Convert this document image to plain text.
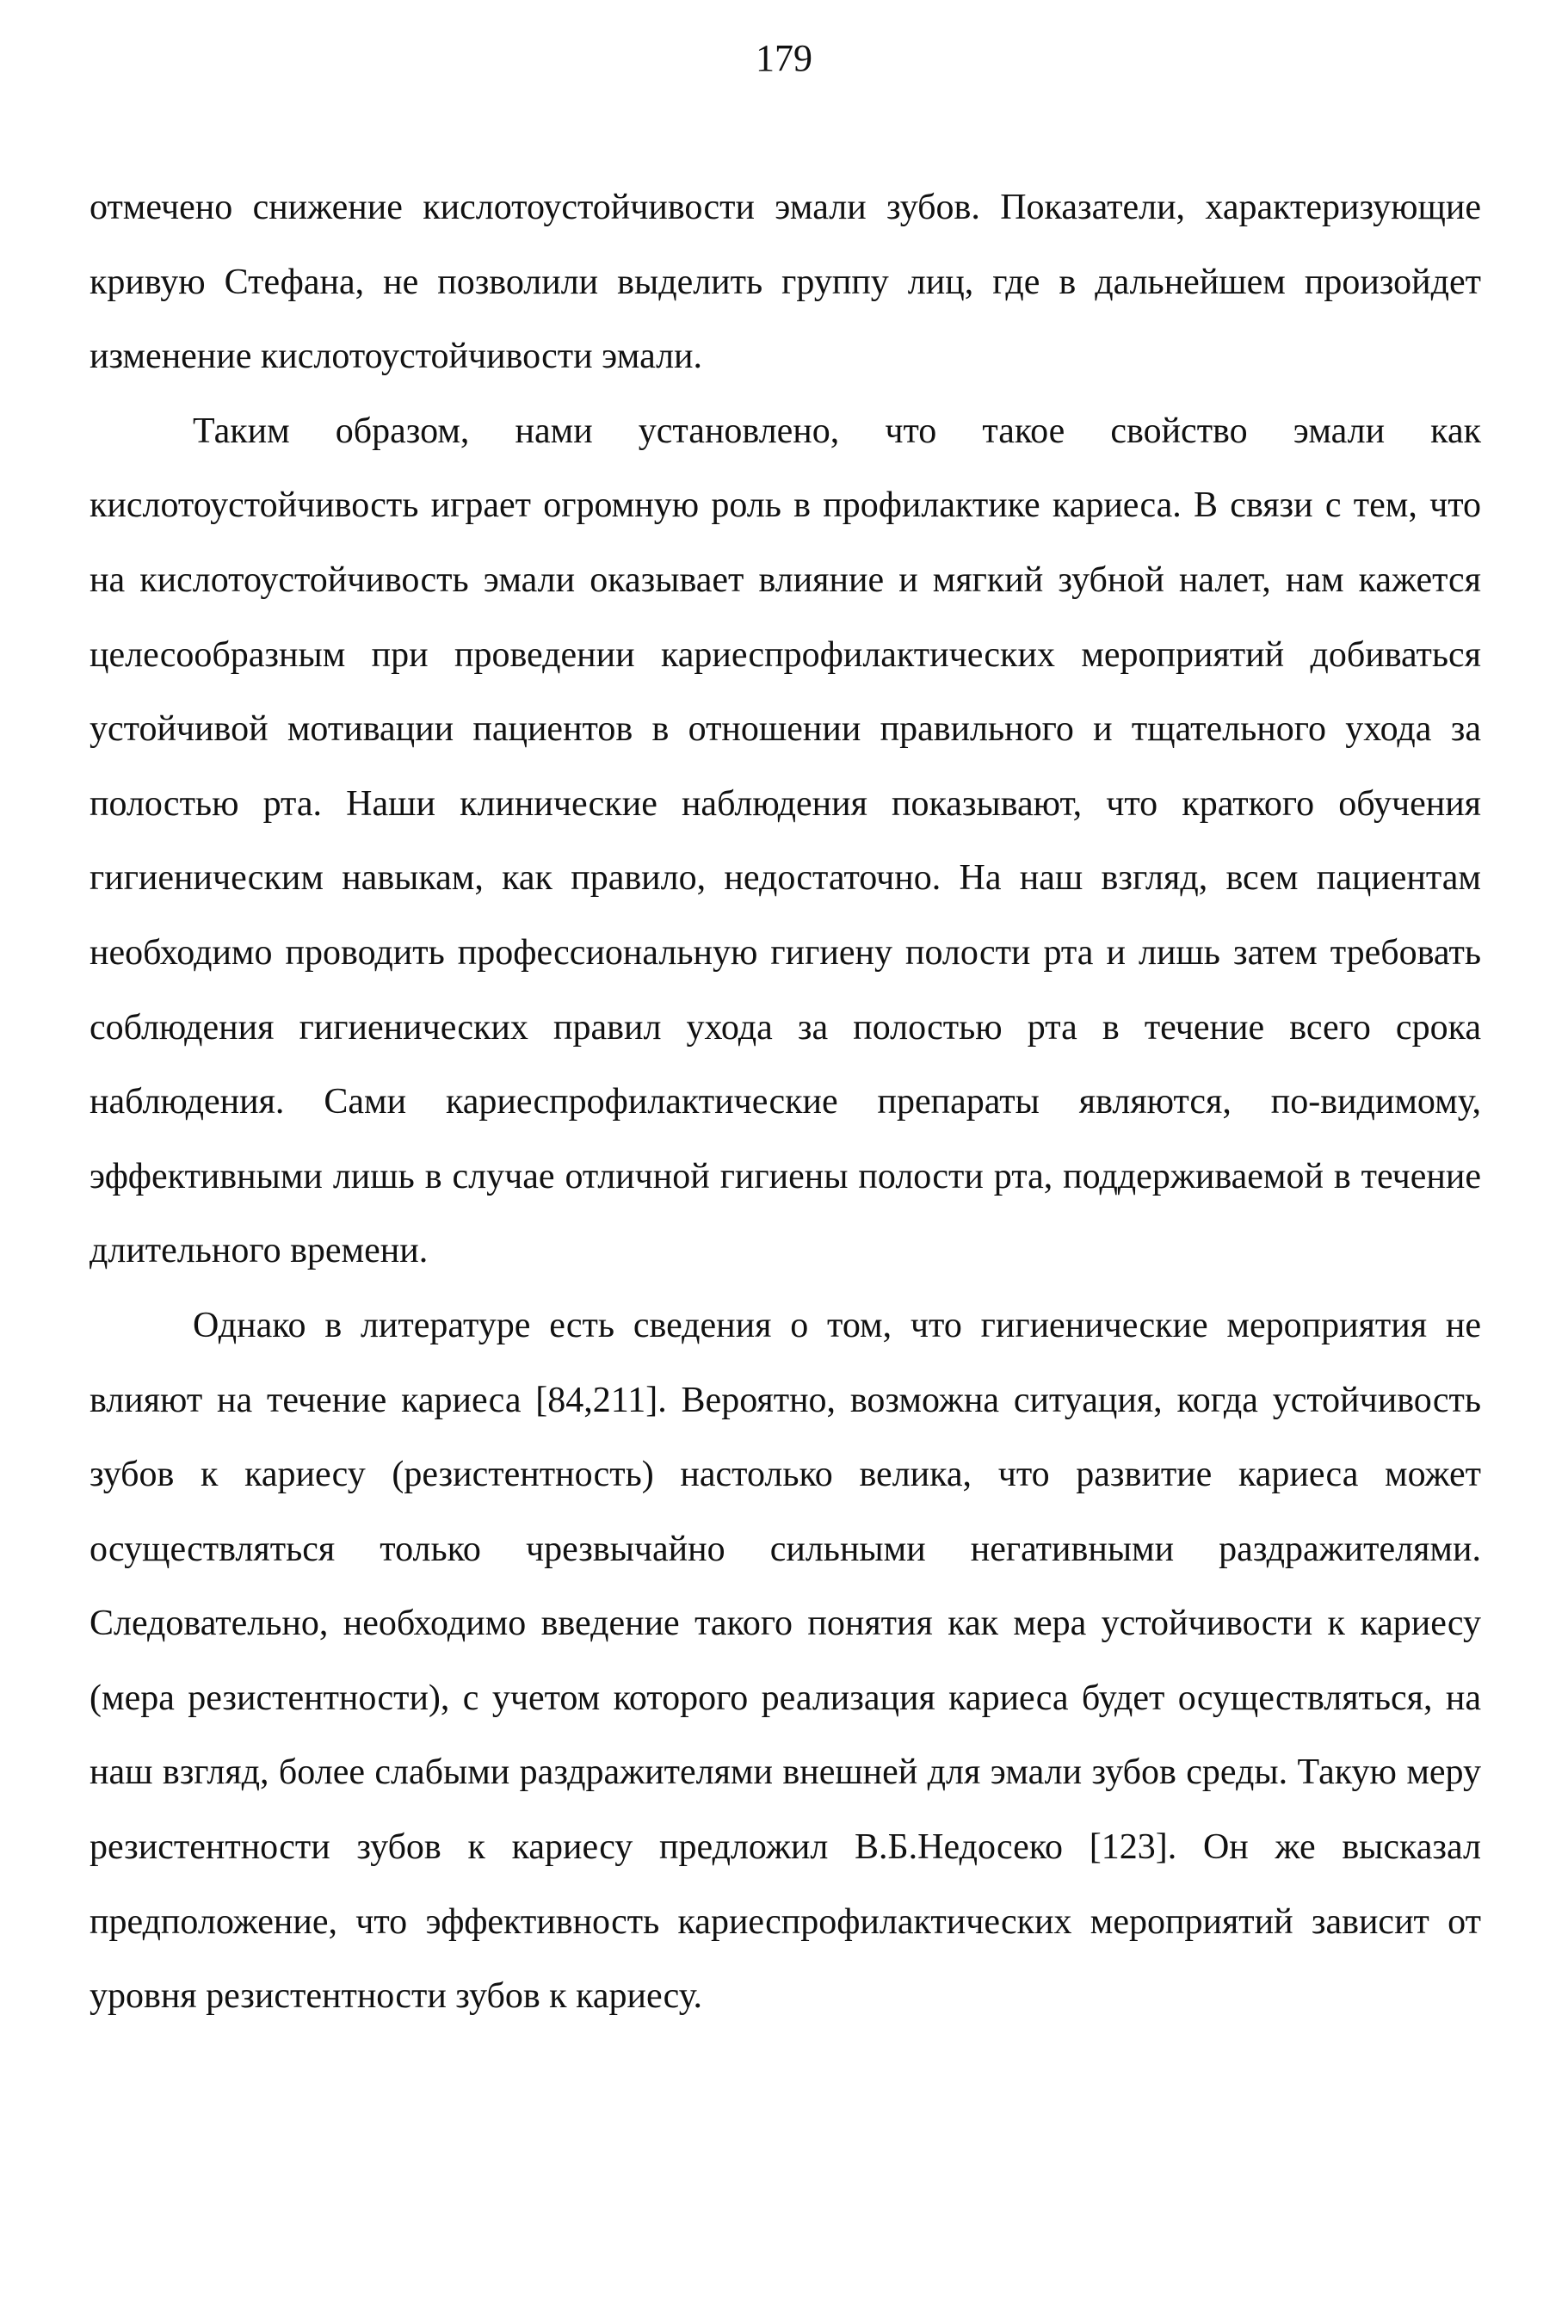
179

отмечено снижение кислотоустойчивости эмали зубов. Показатели, характеризующие кривую Стефана, не позволили выделить группу лиц, где в дальнейшем произойдет изменение кислотоустойчивости эмали.

Таким образом, нами установлено, что такое свойство эмали как кислотоустойчивость играет огромную роль в профилактике кариеса. В связи с тем, что на кислотоустойчивость эмали оказывает влияние и мягкий зубной налет, нам кажется целесообразным при проведении кариеспрофилактических мероприятий добиваться устойчивой мотивации пациентов в отношении правильного и тщательного ухода за полостью рта. Наши клинические наблюдения показывают, что краткого обучения гигиеническим навыкам, как правило, недостаточно. На наш взгляд, всем пациентам необходимо проводить профессиональную гигиену полости рта и лишь затем требовать соблюдения гигиенических правил ухода за полостью рта в течение всего срока наблюдения. Сами кариеспрофилактические препараты являются, по-видимому, эффективными лишь в случае отличной гигиены полости рта, поддерживаемой в течение длительного времени.

Однако в литературе есть сведения о том, что гигиенические мероприятия не влияют на течение кариеса [84,211]. Вероятно, возможна ситуация, когда устойчивость зубов к кариесу (резистентность) настолько велика, что развитие кариеса может осуществляться только чрезвычайно сильными негативными раздражителями. Следовательно, необходимо введение такого понятия как мера устойчивости к кариесу (мера резистентности), с учетом которого реализация кариеса будет осуществляться, на наш взгляд, более слабыми раздражителями внешней для эмали зубов среды. Такую меру резистентности зубов к кариесу предложил В.Б.Недосеко [123]. Он же высказал предположение, что эффективность кариеспрофилактических мероприятий зависит от уровня резистентности зубов к кариесу.
